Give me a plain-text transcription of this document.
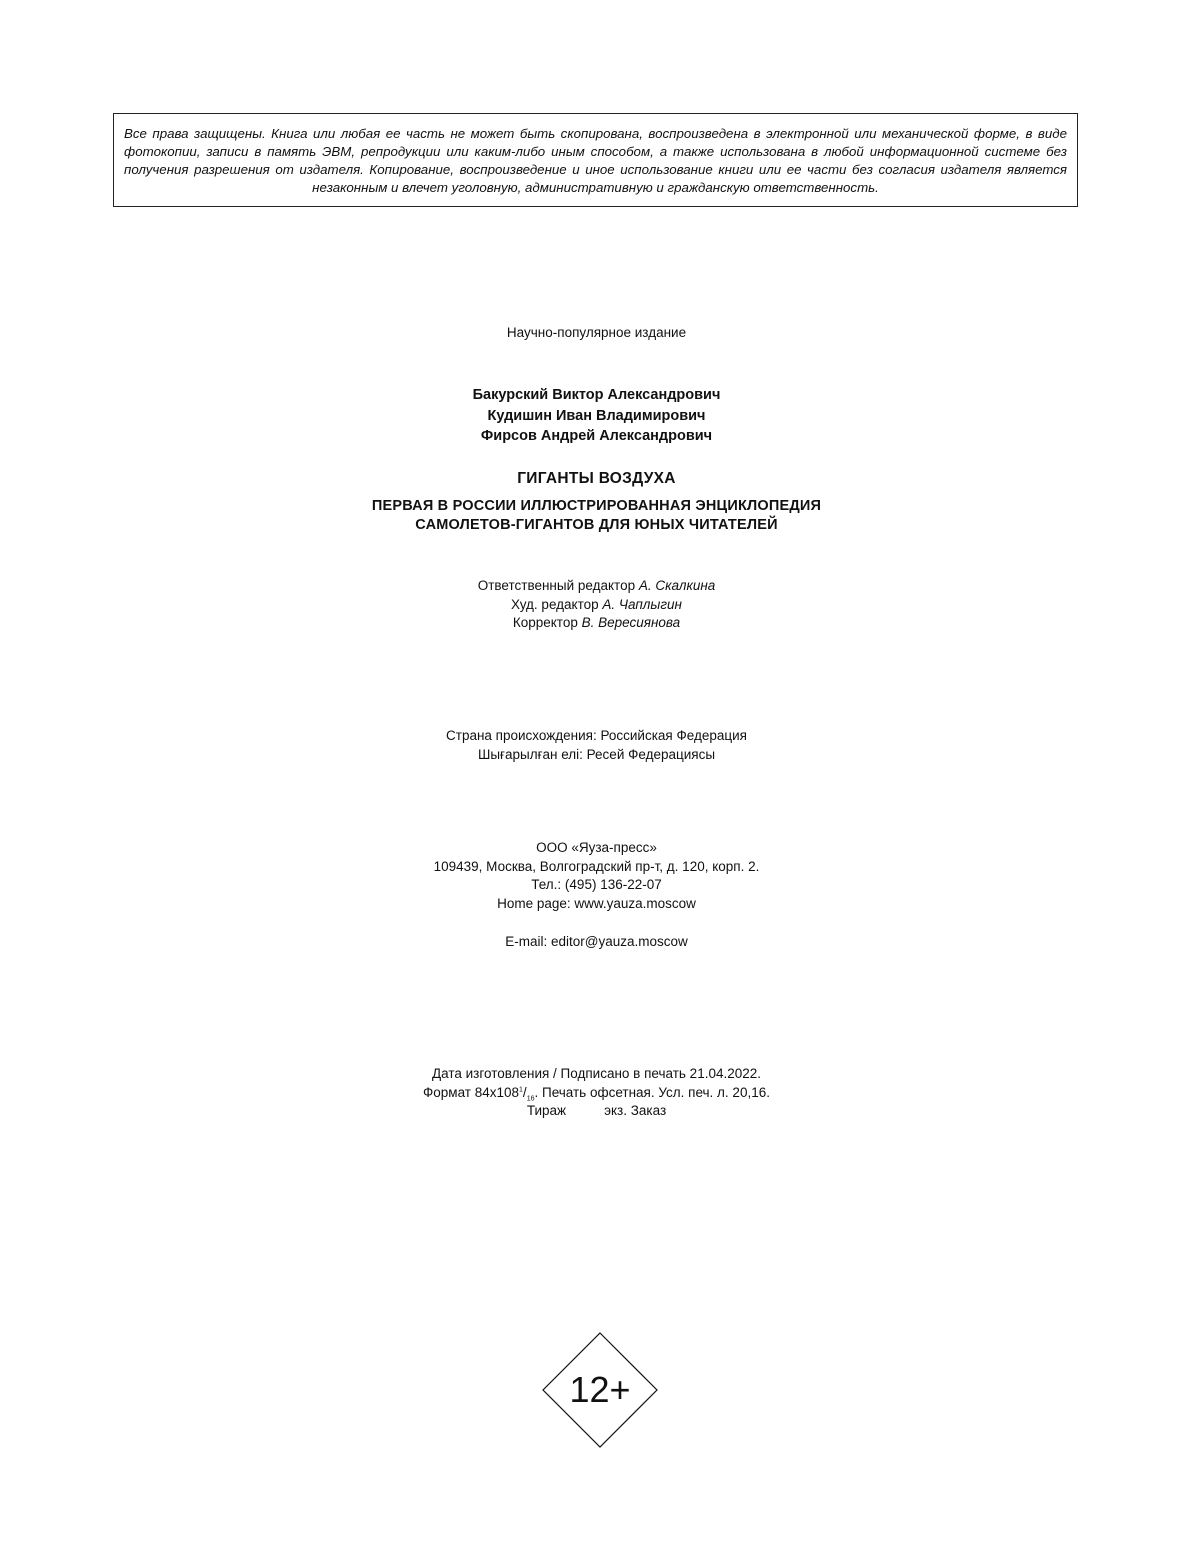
Все права защищены. Книга или любая ее часть не может быть скопирована, воспроизведена в электронной или механической форме, в виде фотокопии, записи в память ЭВМ, репродукции или каким-либо иным способом, а также использована в любой информационной системе без получения разрешения от издателя. Копирование, воспроизведение и иное использование книги или ее части без согласия издателя является незаконным и влечет уголовную, административную и гражданскую ответственность.

Научно-популярное издание

Бакурский Виктор Александрович

Кудишин Иван Владимирович

Фирсов Андрей Александрович

ГИГАНТЫ ВОЗДУХА

ПЕРВАЯ В РОССИИ ИЛЛЮСТРИРОВАННАЯ ЭНЦИКЛОПЕДИЯ

САМОЛЕТОВ-ГИГАНТОВ ДЛЯ ЮНЫХ ЧИТАТЕЛЕЙ

Ответственный редактор А. Скалкина

Худ. редактор А. Чаплыгин

Корректор В. Вересиянова

Страна происхождения: Российская Федерация

Шығарылған елі: Ресей Федерациясы

ООО «Яуза-пресс»

109439, Москва, Волгоградский пр-т, д. 120, корп. 2.

Тел.: (495) 136-22-07

Home page: www.yauza.moscow

E-mail: editor@yauza.moscow

Дата изготовления / Подписано в печать 21.04.2022.

Формат $84х108^1/_{16}$. Печать офсетная. Усл. печ. л. 20,16.

Тираж	экз. Заказ

12+
